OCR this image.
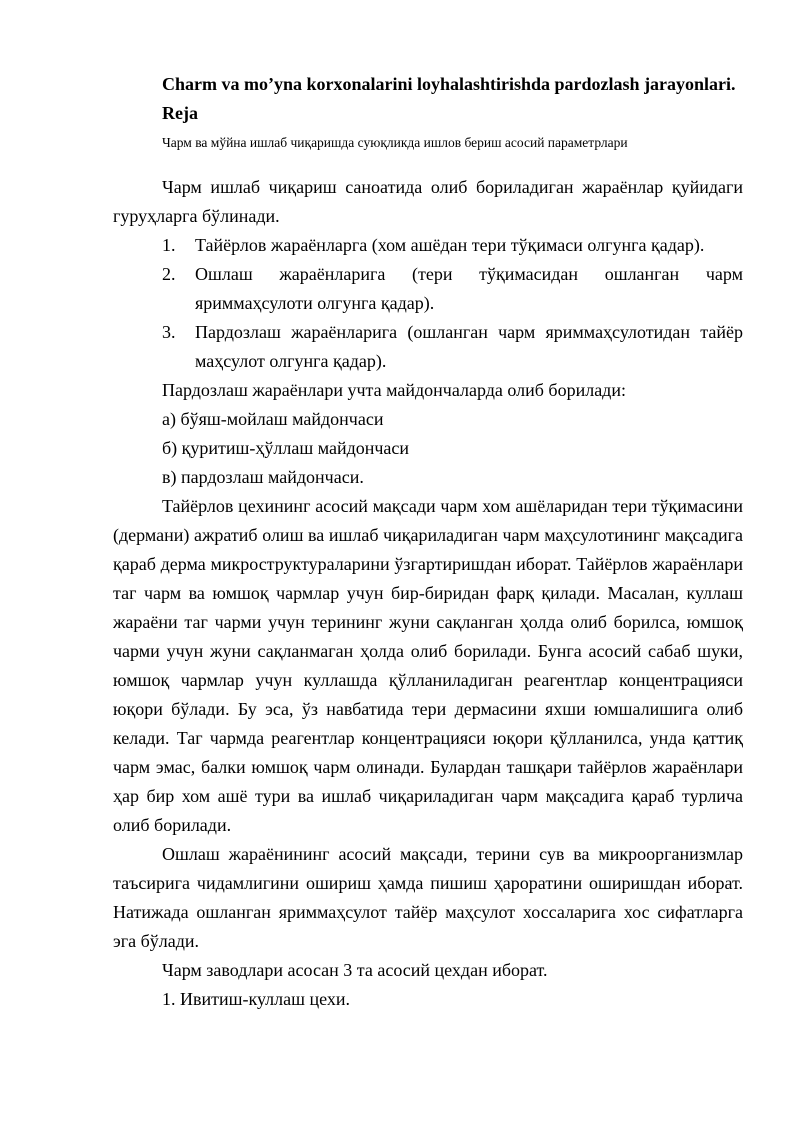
Charm va mo’yna korxonalarini loyhalashtirishda pardozlash jarayonlari.

Reja

Чарм ва мўйна ишлаб чиқаришда суюқликда ишлов бериш асосий параметрлари

Чарм ишлаб чиқариш саноатида олиб бориладиган жараёнлар қуйидаги гуруҳларга бўлинади.

1. Тайёрлов жараёнларга (хом ашёдан тери тўқимаси олгунга қадар).
2. Ошлаш жараёнларига (тери тўқимасидан ошланган чарм яриммаҳсулоти олгунга қадар).
3. Пардозлаш жараёнларига (ошланган чарм яриммаҳсулотидан тайёр маҳсулот олгунга қадар).

Пардозлаш жараёнлари учта майдончаларда олиб борилади:

а) бўяш-мойлаш майдончаси

б) қуритиш-ҳўллаш майдончаси

в) пардозлаш майдончаси.

Тайёрлов цехининг асосий мақсади чарм хом ашёларидан тери тўқимасини (дермани) ажратиб олиш ва ишлаб чиқариладиган чарм маҳсулотининг мақсадига қараб дерма микроструктураларини ўзгартиришдан иборат. Тайёрлов жараёнлари таг чарм ва юмшоқ чармлар учун бир-биридан фарқ қилади. Масалан, куллаш жараёни таг чарми учун терининг жуни сақланган ҳолда олиб борилса, юмшоқ чарми учун жуни сақланмаган ҳолда олиб борилади. Бунга асосий сабаб шуки, юмшоқ чармлар учун куллашда қўлланиладиган реагентлар концентрацияси юқори бўлади. Бу эса, ўз навбатида тери дермасини яхши юмшалишига олиб келади. Таг чармда реагентлар концентрацияси юқори қўлланилса, унда қаттиқ чарм эмас, балки юмшоқ чарм олинади. Булардан ташқари тайёрлов жараёнлари ҳар бир хом ашё тури ва ишлаб чиқариладиган чарм мақсадига қараб турлича олиб борилади.

Ошлаш жараёнининг асосий мақсади, терини сув ва микроорганизмлар таъсирига чидамлигини ошириш ҳамда пишиш ҳароратини оширишдан иборат. Натижада ошланган яриммаҳсулот тайёр маҳсулот хоссаларига хос сифатларга эга бўлади.

Чарм заводлари асосан 3 та асосий цехдан иборат.

1. Ивитиш-куллаш цехи.
